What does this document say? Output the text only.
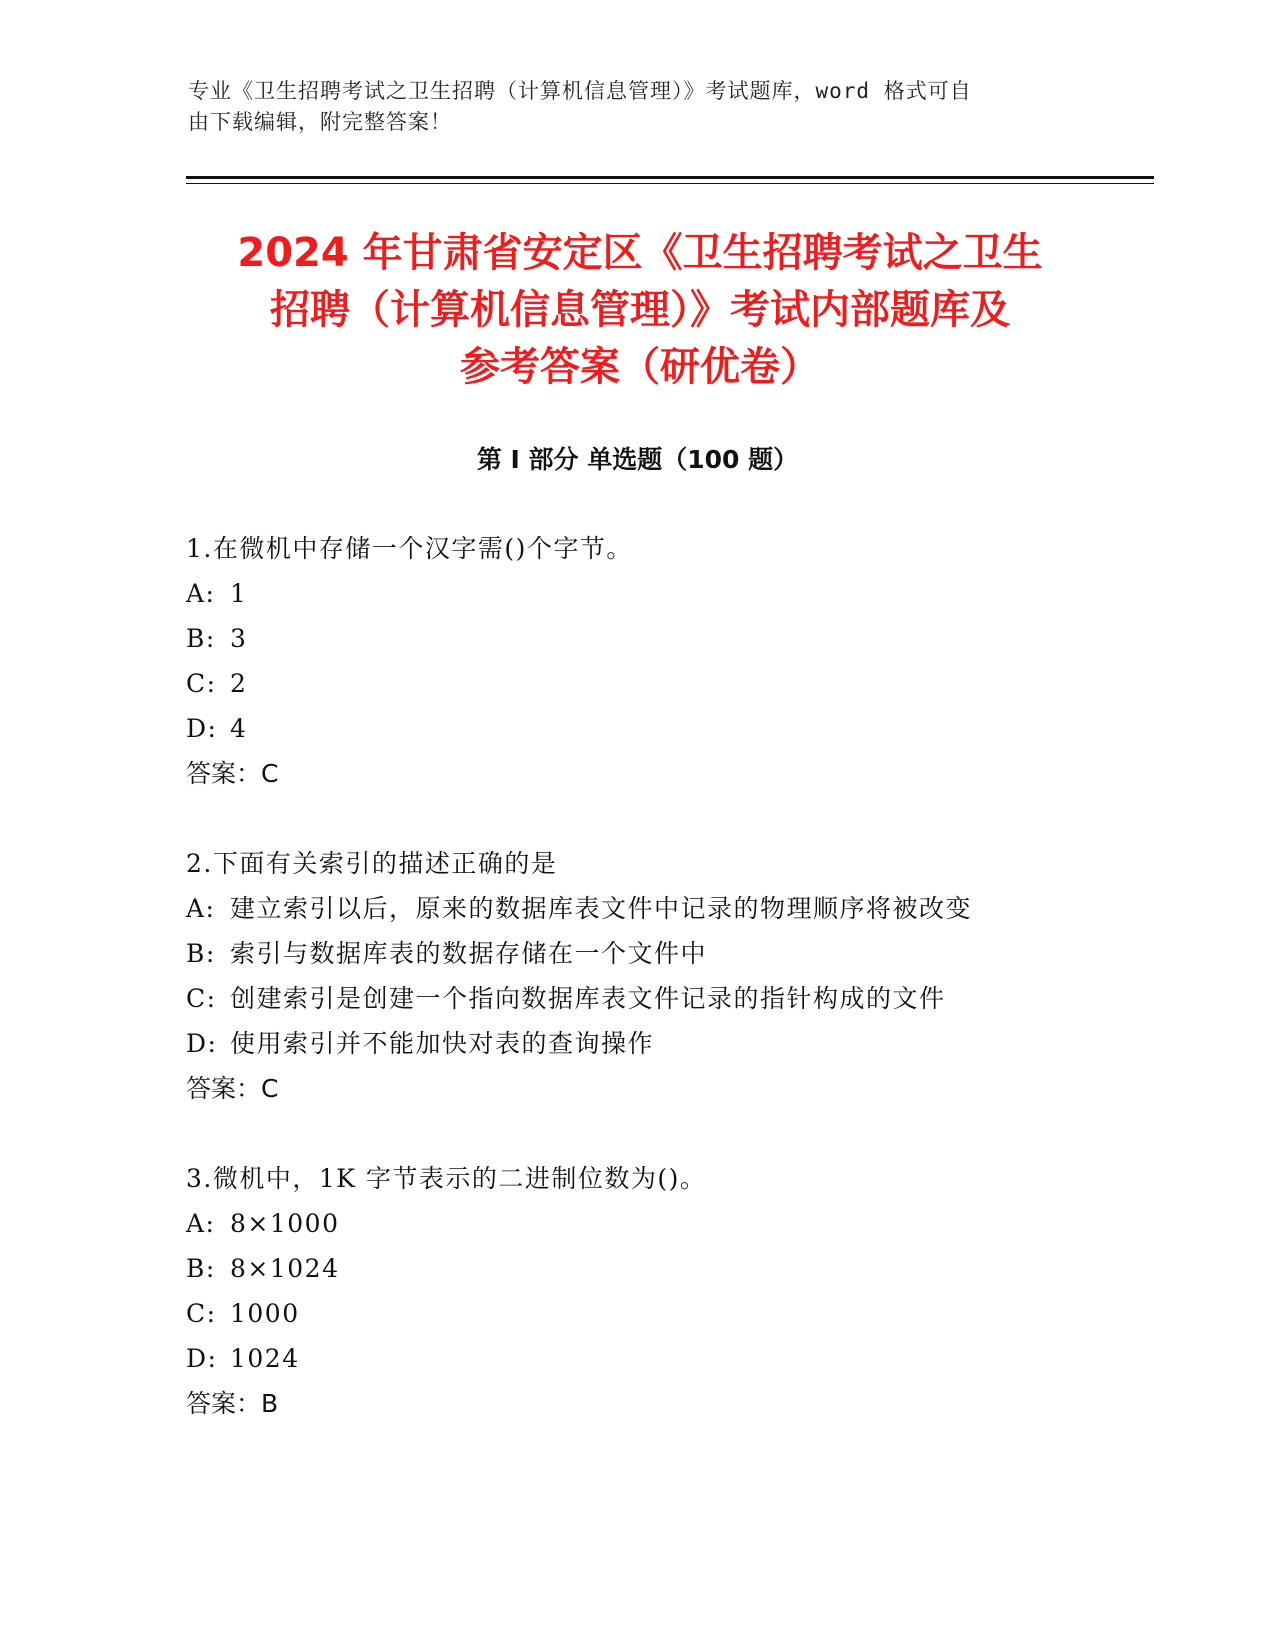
专业《卫生招聘考试之卫生招聘（计算机信息管理）》考试题库，word 格式可自
由下载编辑，附完整答案！
2024 年甘肃省安定区《卫生招聘考试之卫生
招聘（计算机信息管理）》考试内部题库及
参考答案（研优卷）
第 I 部分 单选题（100 题）
1.在微机中存储一个汉字需()个字节。
A: 1
B: 3
C: 2
D: 4
答案：C
2.下面有关索引的描述正确的是
A: 建立索引以后，原来的数据库表文件中记录的物理顺序将被改变
B: 索引与数据库表的数据存储在一个文件中
C: 创建索引是创建一个指向数据库表文件记录的指针构成的文件
D: 使用索引并不能加快对表的查询操作
答案：C
3.微机中，1K 字节表示的二进制位数为()。
A: 8×1000
B: 8×1024
C: 1000
D: 1024
答案：B
